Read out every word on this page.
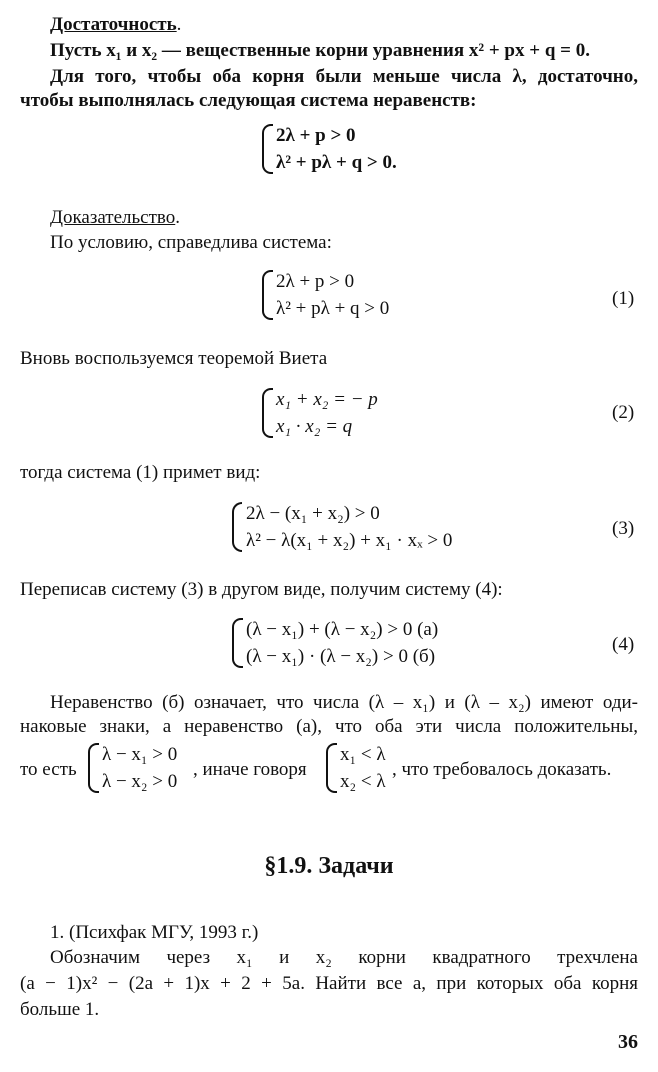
Достаточность.
Пусть x₁ и x₂ — вещественные корни уравнения x² + px + q = 0.
Для того, чтобы оба корня были меньше числа λ, достаточно,
чтобы выполнялась следующая система неравенств:
2λ + p > 0
λ² + pλ + q > 0.
Доказательство.
По условию, справедлива система:
2λ + p > 0
λ² + pλ + q > 0	(1)
Вновь воспользуемся теоремой Виета
x₁ + x₂ = − p
x₁ · x₂ = q
(2)
тогда система (1) примет вид:
2λ − (x₁ + x₂) > 0
λ² − λ(x₁ + x₂) + x₁ · xₓ > 0
(3)
Переписав систему (3) в другом виде, получим систему (4):
(λ − x₁) + (λ − x₂) > 0 (а)
(λ − x₁) · (λ − x₂) > 0 (б)
(4)
Неравенство (б) означает, что числа (λ – x₁) и (λ – x₂) имеют оди-
наковые знаки, а неравенство (а), что оба эти числа положительны,
то есть
λ − x₁ > 0
λ − x₂ > 0
, иначе говоря
x₁ < λ
x₂ < λ
, что требовалось доказать.
§1.9. Задачи
1. (Психфак МГУ, 1993 г.)
Обозначим через x₁ и x₂ корни квадратного трехчлена
(a − 1)x² − (2a + 1)x + 2 + 5a. Найти все a, при которых оба корня
больше 1.
36
